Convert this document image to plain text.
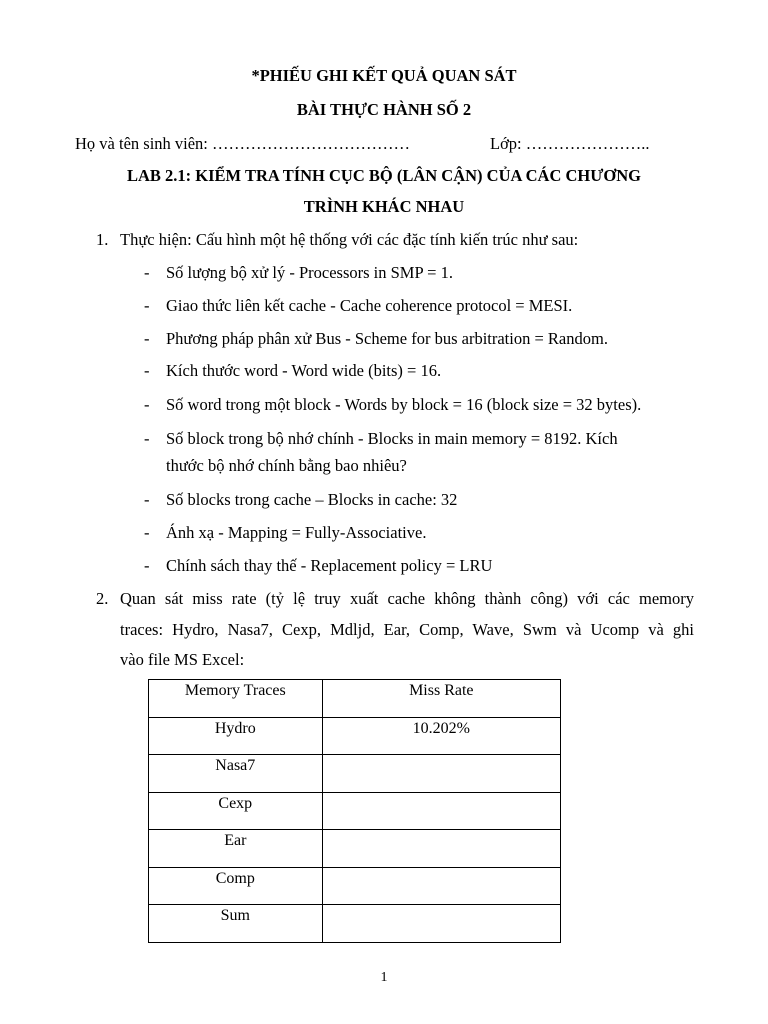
*PHIẾU GHI KẾT QUẢ QUAN SÁT
BÀI THỰC HÀNH SỐ 2
Họ và tên sinh viên: ………………………………	Lớp: …………………..
LAB 2.1: KIỂM TRA TÍNH CỤC BỘ (LÂN CẬN) CỦA CÁC CHƯƠNG
TRÌNH KHÁC NHAU
1. Thực hiện: Cấu hình một hệ thống với các đặc tính kiến trúc như sau:
- Số lượng bộ xử lý - Processors in SMP = 1.
- Giao thức liên kết cache - Cache coherence protocol = MESI.
- Phương pháp phân xử Bus - Scheme for bus arbitration = Random.
- Kích thước word - Word wide (bits) = 16.
- Số word trong một block - Words by block = 16 (block size = 32 bytes).
- Số block trong bộ nhớ chính - Blocks in main memory = 8192. Kích
thước bộ nhớ chính bằng bao nhiêu?
- Số blocks trong cache – Blocks in cache: 32
- Ánh xạ - Mapping = Fully-Associative.
- Chính sách thay thế - Replacement policy = LRU
2. Quan sát miss rate (tỷ lệ truy xuất cache không thành công) với các memory
traces: Hydro, Nasa7, Cexp, Mdljd, Ear, Comp, Wave, Swm và Ucomp và ghi
vào file MS Excel:
Memory Traces	Miss Rate
Hydro	10.202%
Nasa7	
Cexp	
Ear	
Comp	
Sum	
1
